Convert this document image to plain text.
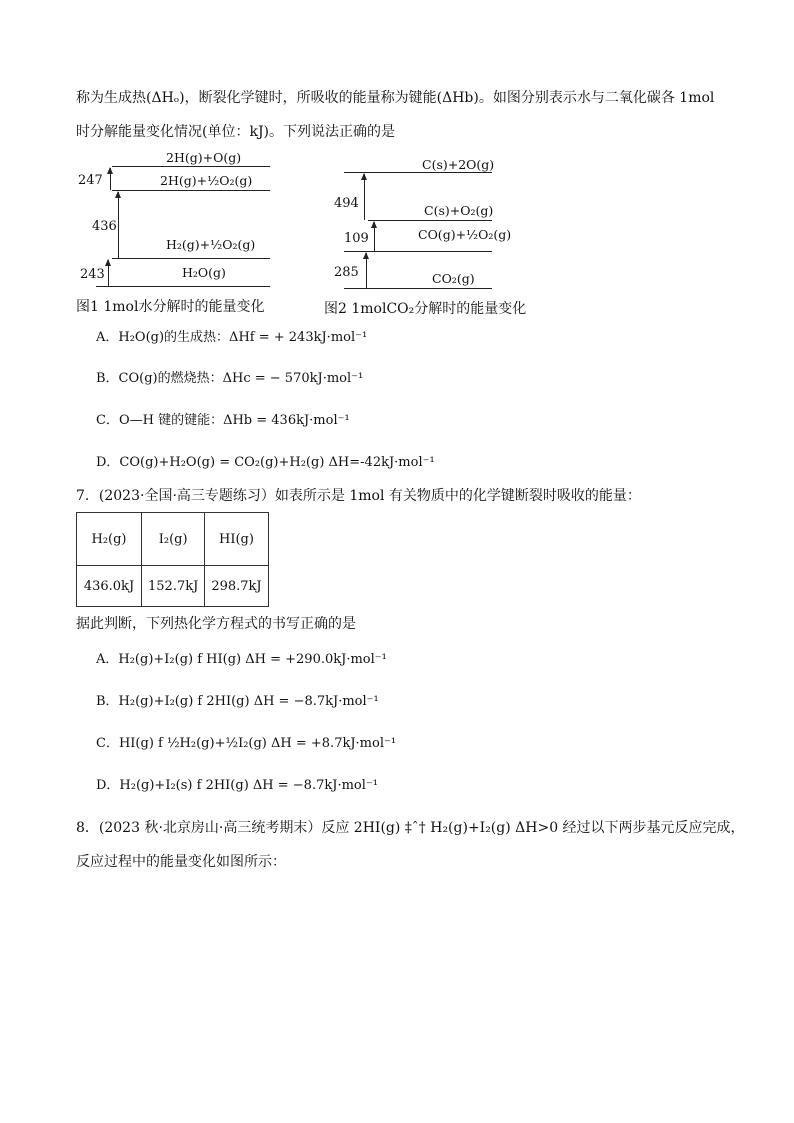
称为生成热(ΔHₒ)，断裂化学键时，所吸收的能量称为键能(ΔHb)。如图分别表示水与二氧化碳各 1mol
时分解能量变化情况(单位：kJ)。下列说法正确的是
2H(g)+O(g)
2H(g)+½O₂(g)
H₂(g)+½O₂(g)
H₂O(g)
247
436
243
图1 1mol水分解时的能量变化
C(s)+2O(g)
C(s)+O₂(g)
CO(g)+½O₂(g)
CO₂(g)
494
109
285
图2 1molCO₂分解时的能量变化
A．H₂O(g)的生成热：ΔHf = + 243kJ·mol⁻¹
B．CO(g)的燃烧热：ΔHc = − 570kJ·mol⁻¹
C．O—H 键的键能：ΔHb = 436kJ·mol⁻¹
D．CO(g)+H₂O(g) = CO₂(g)+H₂(g) ΔH=-42kJ·mol⁻¹
7．(2023·全国·高三专题练习）如表所示是 1mol 有关物质中的化学键断裂时吸收的能量：
H₂(g)	I₂(g)	HI(g)
436.0kJ	152.7kJ	298.7kJ
据此判断，下列热化学方程式的书写正确的是
A．H₂(g)+I₂(g) f HI(g) ΔH = +290.0kJ·mol⁻¹
B．H₂(g)+I₂(g) f 2HI(g) ΔH = −8.7kJ·mol⁻¹
C．HI(g) f ½H₂(g)+½I₂(g) ΔH = +8.7kJ·mol⁻¹
D．H₂(g)+I₂(s) f 2HI(g) ΔH = −8.7kJ·mol⁻¹
8．(2023 秋·北京房山·高三统考期末）反应 2HI(g) ‡ˆ† H₂(g)+I₂(g) ΔH>0 经过以下两步基元反应完成，
反应过程中的能量变化如图所示：
